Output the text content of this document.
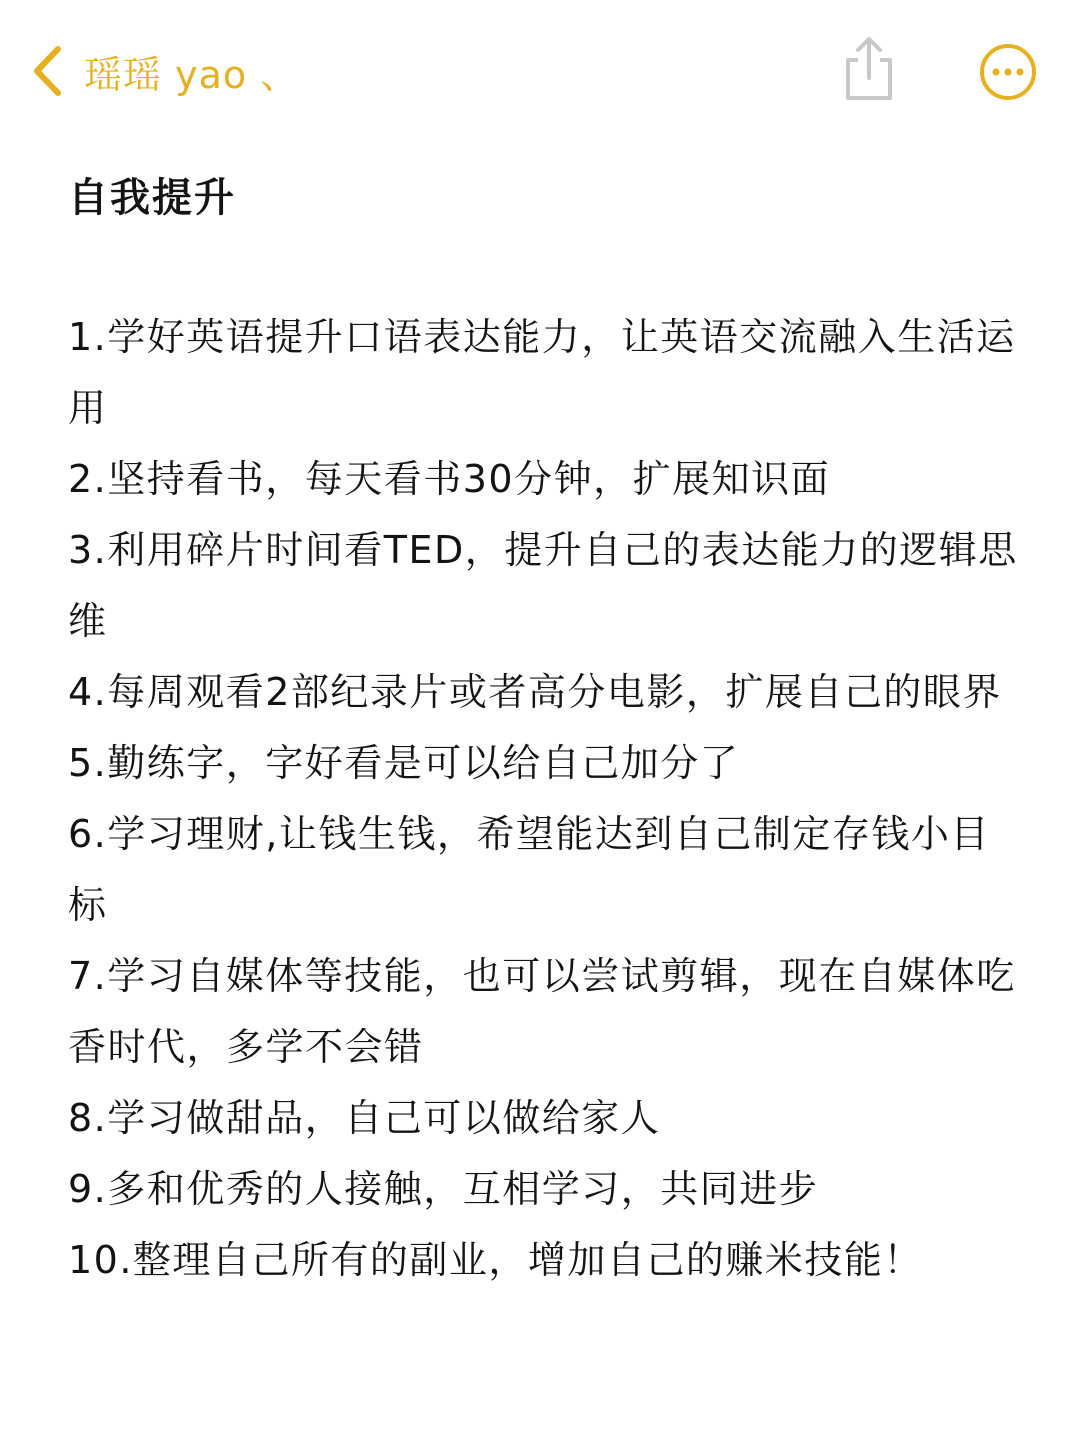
瑶瑶 yao 、
自我提升
1.学好英语提升口语表达能力，让英语交流融入生活运用
2.坚持看书，每天看书30分钟，扩展知识面
3.利用碎片时间看TED，提升自己的表达能力的逻辑思维
4.每周观看2部纪录片或者高分电影，扩展自己的眼界
5.勤练字，字好看是可以给自己加分了
6.学习理财,让钱生钱，希望能达到自己制定存钱小目标
7.学习自媒体等技能，也可以尝试剪辑，现在自媒体吃香时代，多学不会错
8.学习做甜品，自己可以做给家人
9.多和优秀的人接触，互相学习，共同进步
10.整理自己所有的副业，增加自己的赚米技能！
